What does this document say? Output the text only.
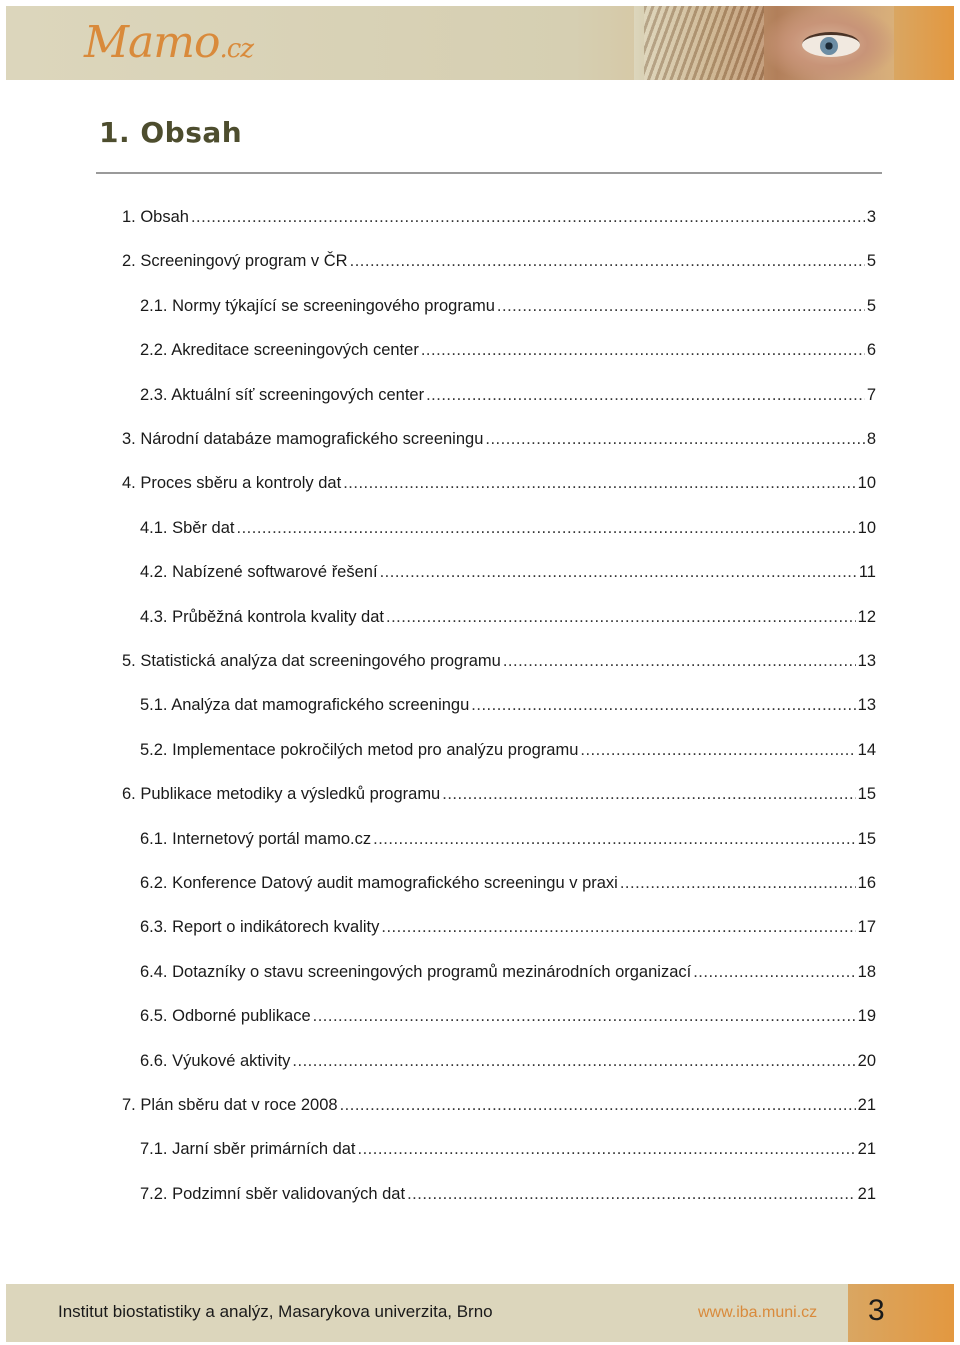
Mamo.cz
1. Obsah
1. Obsah .....	3
2. Screeningový program v ČR .....	5
2.1. Normy týkající se screeningového programu .....	5
2.2. Akreditace screeningových center .....	6
2.3. Aktuální síť screeningových center .....	7
3. Národní databáze mamografického screeningu .....	8
4. Proces sběru a kontroly dat .....	10
4.1. Sběr dat .....	10
4.2. Nabízené softwarové řešení .....	11
4.3. Průběžná kontrola kvality dat .....	12
5. Statistická analýza dat screeningového programu .....	13
5.1. Analýza dat mamografického screeningu .....	13
5.2. Implementace pokročilých metod pro analýzu programu .....	14
6. Publikace metodiky a výsledků programu .....	15
6.1. Internetový portál mamo.cz .....	15
6.2. Konference Datový audit mamografického screeningu v praxi .....	16
6.3. Report o indikátorech kvality .....	17
6.4. Dotazníky o stavu screeningových programů mezinárodních organizací .....	18
6.5. Odborné publikace .....	19
6.6. Výukové aktivity .....	20
7. Plán sběru dat v roce 2008 .....	21
7.1. Jarní sběr primárních dat .....	21
7.2. Podzimní sběr validovaných dat .....	21
Institut biostatistiky a analýz, Masarykova univerzita, Brno	www.iba.muni.cz 3
